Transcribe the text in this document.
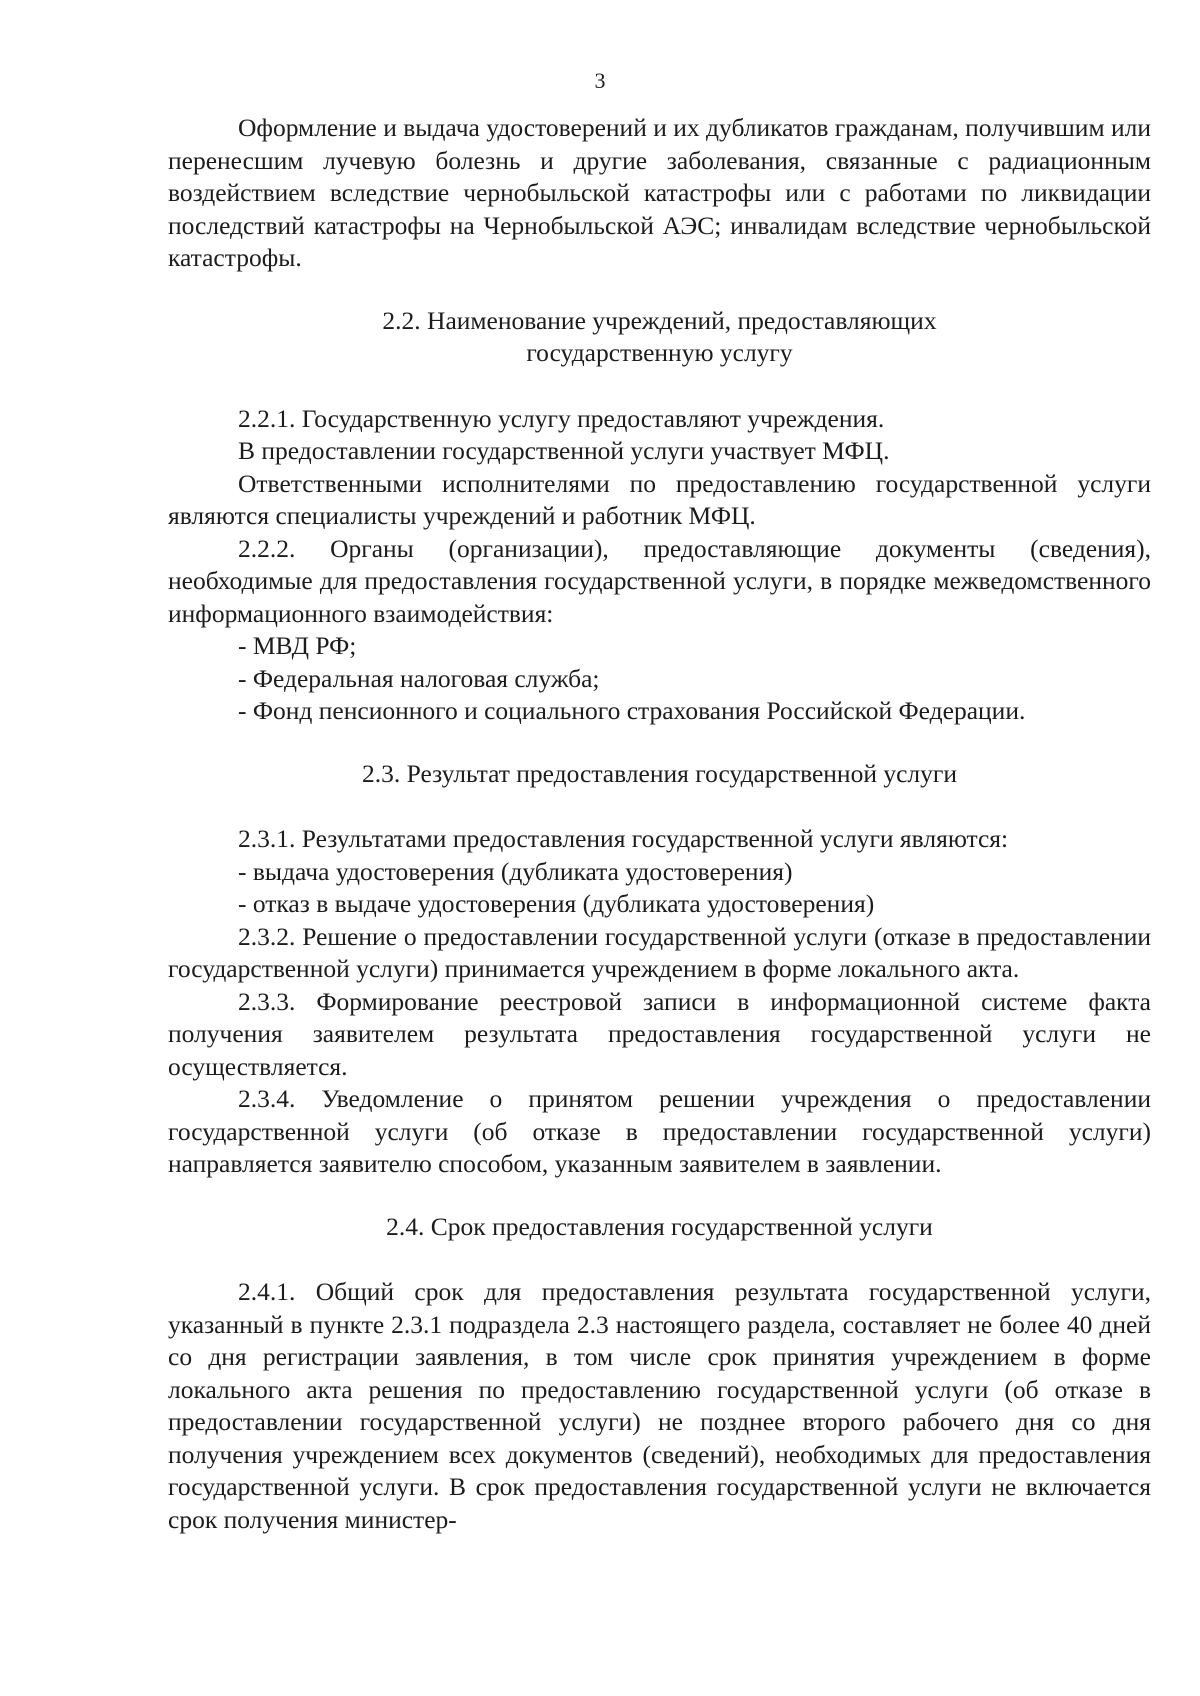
3

Оформление и выдача удостоверений и их дубликатов гражданам, получившим или перенесшим лучевую болезнь и другие заболевания, связанные с радиационным воздействием вследствие чернобыльской катастрофы или с работами по ликвидации последствий катастрофы на Чернобыльской АЭС; инвалидам вследствие чернобыльской катастрофы.

2.2. Наименование учреждений, предоставляющих

государственную услугу

2.2.1. Государственную услугу предоставляют учреждения.

В предоставлении государственной услуги участвует МФЦ.

Ответственными исполнителями по предоставлению государственной услуги являются специалисты учреждений и работник МФЦ.

2.2.2. Органы (организации), предоставляющие документы (сведения), необходимые для предоставления государственной услуги, в порядке межведомственного информационного взаимодействия:

- МВД РФ;

- Федеральная налоговая служба;

- Фонд пенсионного и социального страхования Российской Федерации.

2.3. Результат предоставления государственной услуги

2.3.1. Результатами предоставления государственной услуги являются:

- выдача удостоверения (дубликата удостоверения)

- отказ в выдаче удостоверения (дубликата удостоверения)

2.3.2. Решение о предоставлении государственной услуги (отказе в предоставлении государственной услуги) принимается учреждением в форме локального акта.

2.3.3. Формирование реестровой записи в информационной системе факта получения заявителем результата предоставления государственной услуги не осуществляется.

2.3.4. Уведомление о принятом решении учреждения о предоставлении государственной услуги (об отказе в предоставлении государственной услуги) направляется заявителю способом, указанным заявителем в заявлении.

2.4. Срок предоставления государственной услуги

2.4.1. Общий срок для предоставления результата государственной услуги, указанный в пункте 2.3.1 подраздела 2.3 настоящего раздела, составляет не более 40 дней со дня регистрации заявления, в том числе срок принятия учреждением в форме локального акта решения по предоставлению государственной услуги (об отказе в предоставлении государственной услуги) не позднее второго рабочего дня со дня получения учреждением всех документов (сведений), необходимых для предоставления государственной услуги. В срок предоставления государственной услуги не включается срок получения министер-
